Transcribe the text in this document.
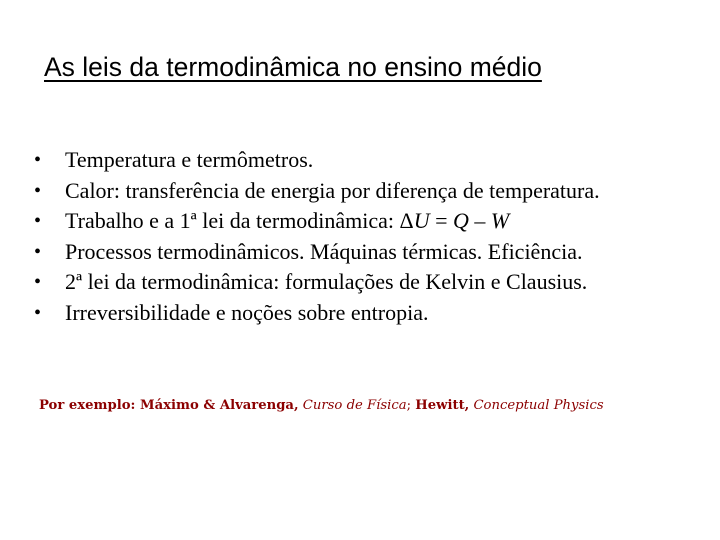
As leis da termodinâmica no ensino médio
• Temperatura e termômetros.
• Calor: transferência de energia por diferença de temperatura.
• Trabalho e a 1ª lei da termodinâmica: ΔU = Q – W
• Processos termodinâmicos. Máquinas térmicas. Eficiência.
• 2ª lei da termodinâmica: formulações de Kelvin e Clausius.
• Irreversibilidade e noções sobre entropia.
Por exemplo: Máximo & Alvarenga, Curso de Física; Hewitt, Conceptual Physics
